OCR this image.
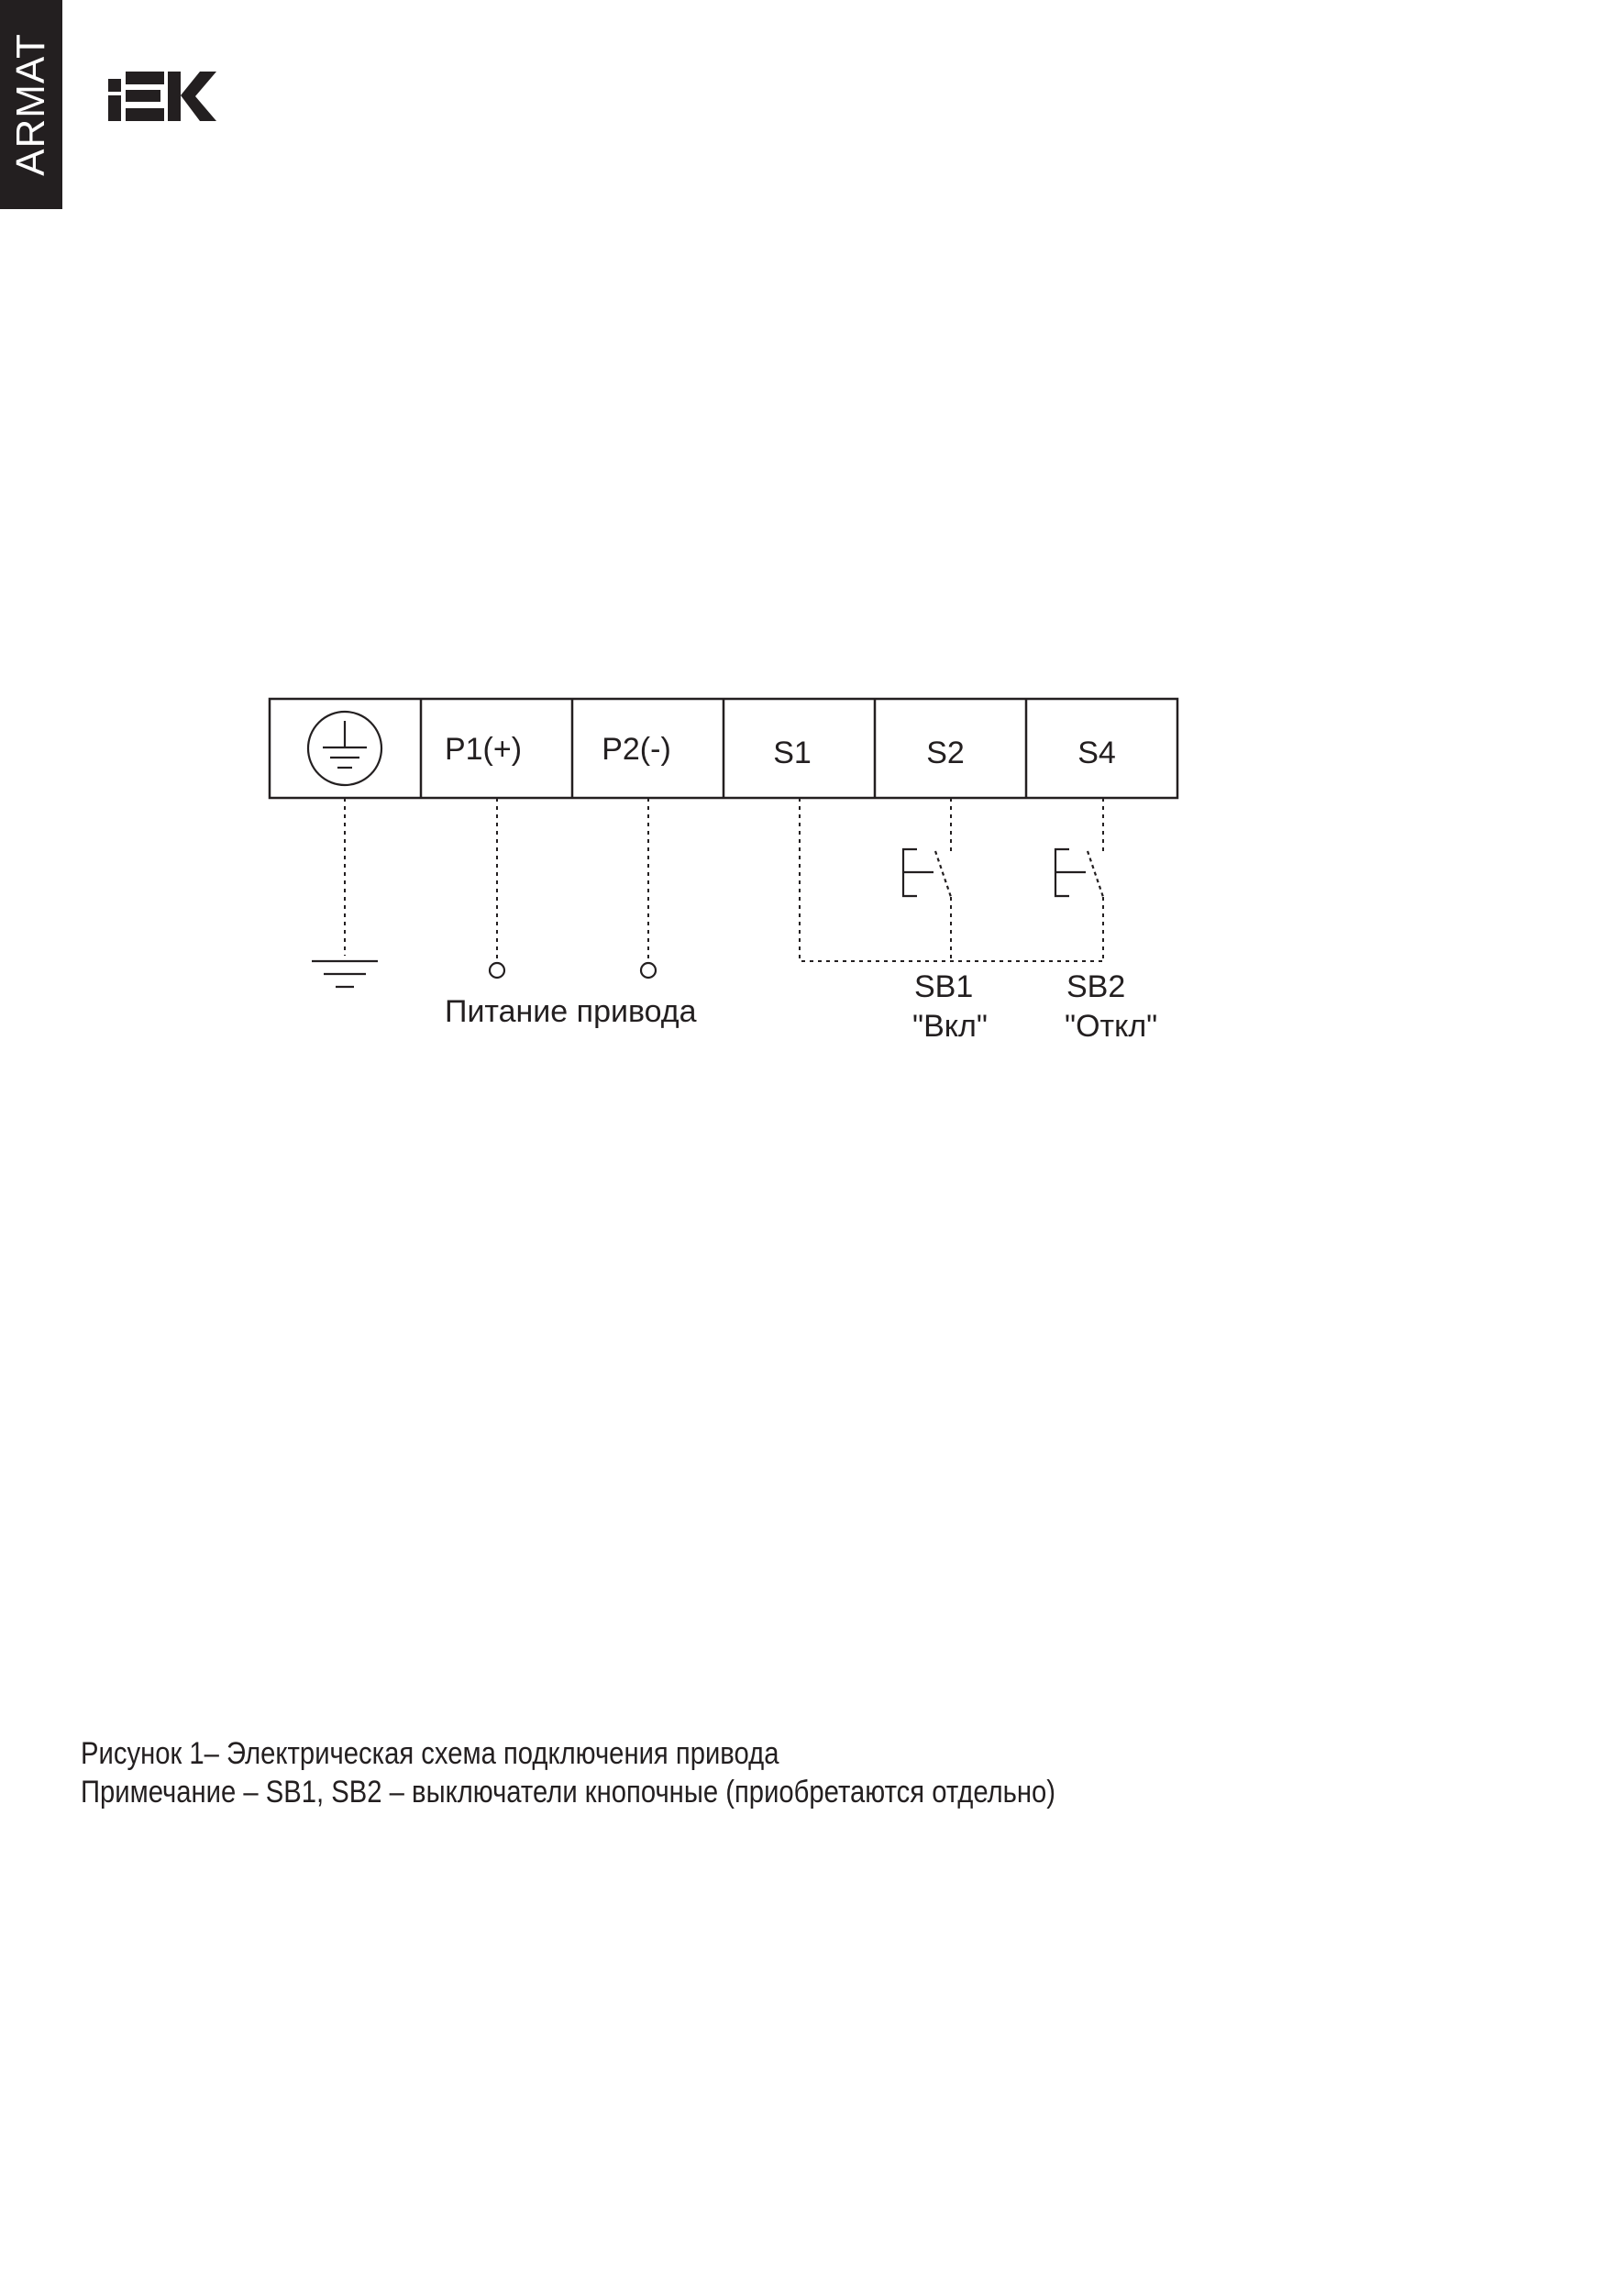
ARMAT
P1(+)	P2(-)	S1	S2	S4
Питание привода
SB1
"Вкл"
SB2
"Откл"
Рисунок 1– Электрическая схема подключения привода
Примечание – SB1, SB2 – выключатели кнопочные (приобретаются отдельно)
